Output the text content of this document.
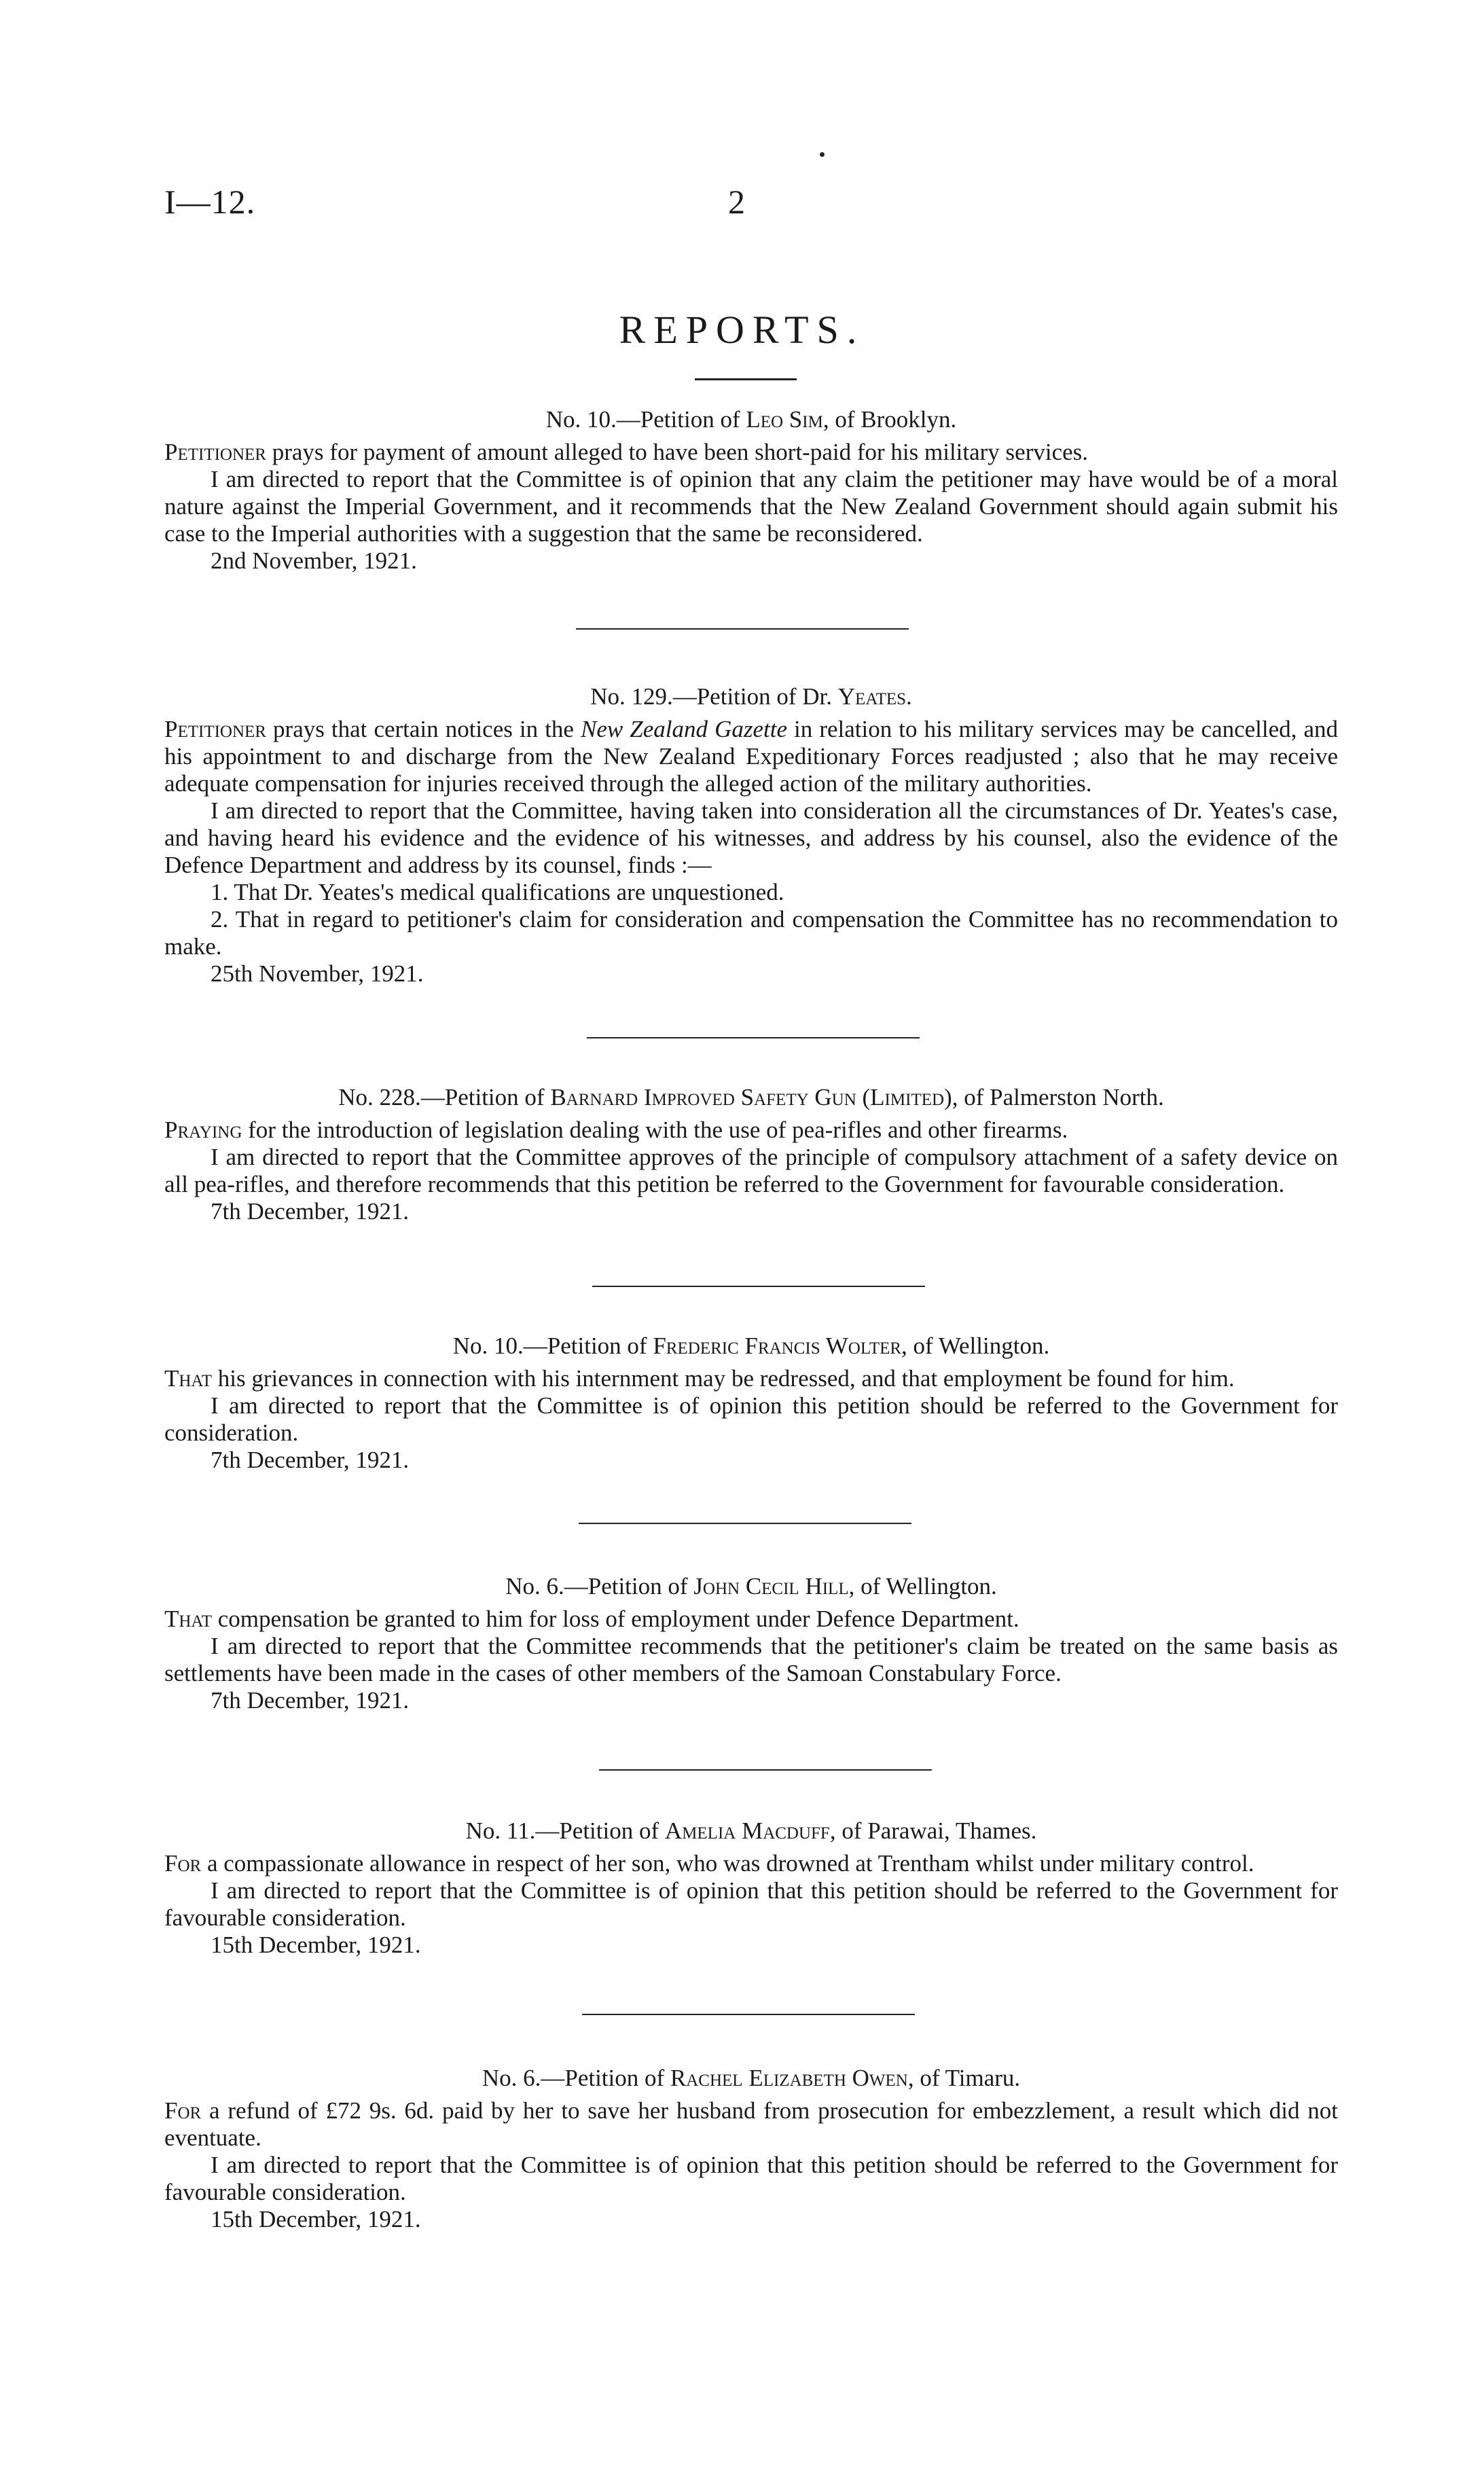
I—12.	2
REPORTS.

No. 10.—Petition of Leo Sim, of Brooklyn.

Petitioner prays for payment of amount alleged to have been short-paid for his military services.

I am directed to report that the Committee is of opinion that any claim the petitioner may have would be of a moral nature against the Imperial Government, and it recommends that the New Zealand Government should again submit his case to the Imperial authorities with a suggestion that the same be reconsidered.

2nd November, 1921.

No. 129.—Petition of Dr. Yeates.

Petitioner prays that certain notices in the New Zealand Gazette in relation to his military services may be cancelled, and his appointment to and discharge from the New Zealand Expeditionary Forces readjusted ; also that he may receive adequate compensation for injuries received through the alleged action of the military authorities.

I am directed to report that the Committee, having taken into consideration all the circumstances of Dr. Yeates's case, and having heard his evidence and the evidence of his witnesses, and address by his counsel, also the evidence of the Defence Department and address by its counsel, finds :—

1. That Dr. Yeates's medical qualifications are unquestioned.

2. That in regard to petitioner's claim for consideration and compensation the Committee has no recommendation to make.

25th November, 1921.

No. 228.—Petition of Barnard Improved Safety Gun (Limited), of Palmerston North.

Praying for the introduction of legislation dealing with the use of pea-rifles and other firearms.

I am directed to report that the Committee approves of the principle of compulsory attachment of a safety device on all pea-rifles, and therefore recommends that this petition be referred to the Government for favourable consideration.

7th December, 1921.

No. 10.—Petition of Frederic Francis Wolter, of Wellington.

That his grievances in connection with his internment may be redressed, and that employment be found for him.

I am directed to report that the Committee is of opinion this petition should be referred to the Government for consideration.

7th December, 1921.

No. 6.—Petition of John Cecil Hill, of Wellington.

That compensation be granted to him for loss of employment under Defence Department.

I am directed to report that the Committee recommends that the petitioner's claim be treated on the same basis as settlements have been made in the cases of other members of the Samoan Constabulary Force.

7th December, 1921.

No. 11.—Petition of Amelia Macduff, of Parawai, Thames.

For a compassionate allowance in respect of her son, who was drowned at Trentham whilst under military control.

I am directed to report that the Committee is of opinion that this petition should be referred to the Government for favourable consideration.

15th December, 1921.

No. 6.—Petition of Rachel Elizabeth Owen, of Timaru.

For a refund of £72 9s. 6d. paid by her to save her husband from prosecution for embezzlement, a result which did not eventuate.

I am directed to report that the Committee is of opinion that this petition should be referred to the Government for favourable consideration.

15th December, 1921.
